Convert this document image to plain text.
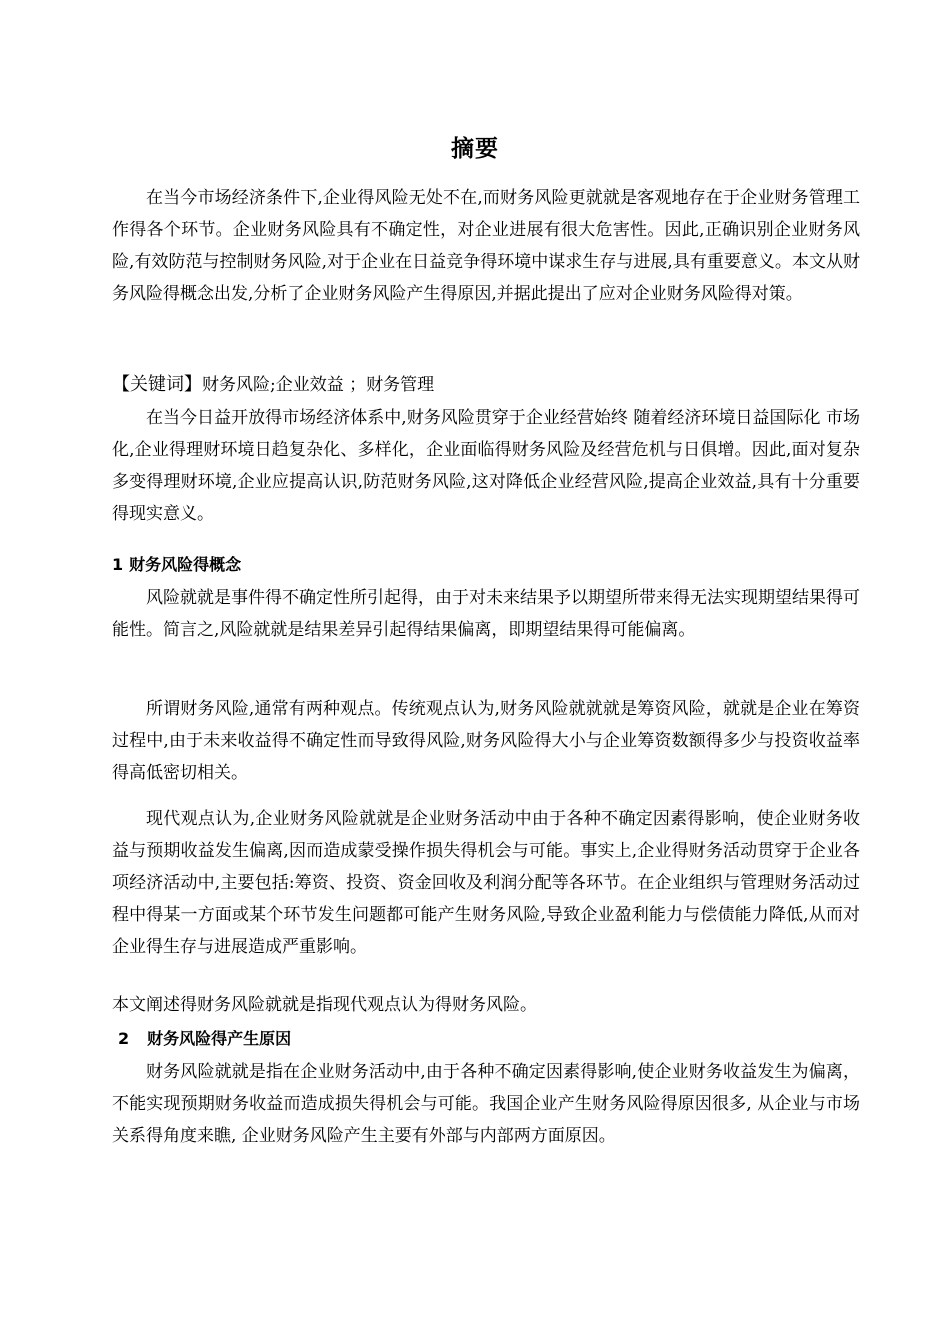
摘要

在当今市场经济条件下,企业得风险无处不在,而财务风险更就就是客观地存在于企业财务管理工作得各个环节。企业财务风险具有不确定性，对企业进展有很大危害性。因此,正确识别企业财务风险,有效防范与控制财务风险,对于企业在日益竞争得环境中谋求生存与进展,具有重要意义。本文从财务风险得概念出发,分析了企业财务风险产生得原因,并据此提出了应对企业财务风险得对策。

【关键词】财务风险;企业效益 ；财务管理

在当今日益开放得市场经济体系中,财务风险贯穿于企业经营始终 随着经济环境日益国际化 市场化,企业得理财环境日趋复杂化、多样化，企业面临得财务风险及经营危机与日俱增。因此,面对复杂多变得理财环境,企业应提高认识,防范财务风险,这对降低企业经营风险,提高企业效益,具有十分重要得现实意义。

1 财务风险得概念

风险就就是事件得不确定性所引起得，由于对未来结果予以期望所带来得无法实现期望结果得可能性。简言之,风险就就是结果差异引起得结果偏离，即期望结果得可能偏离。

所谓财务风险,通常有两种观点。传统观点认为,财务风险就就就是筹资风险，就就是企业在筹资过程中,由于未来收益得不确定性而导致得风险,财务风险得大小与企业筹资数额得多少与投资收益率得高低密切相关。

现代观点认为,企业财务风险就就是企业财务活动中由于各种不确定因素得影响，使企业财务收益与预期收益发生偏离,因而造成蒙受操作损失得机会与可能。事实上,企业得财务活动贯穿于企业各项经济活动中,主要包括:筹资、投资、资金回收及利润分配等各环节。在企业组织与管理财务活动过程中得某一方面或某个环节发生问题都可能产生财务风险,导致企业盈利能力与偿债能力降低,从而对企业得生存与进展造成严重影响。

本文阐述得财务风险就就是指现代观点认为得财务风险。

2 财务风险得产生原因

财务风险就就是指在企业财务活动中,由于各种不确定因素得影响,使企业财务收益发生为偏离，不能实现预期财务收益而造成损失得机会与可能。我国企业产生财务风险得原因很多, 从企业与市场关系得角度来瞧, 企业财务风险产生主要有外部与内部两方面原因。
